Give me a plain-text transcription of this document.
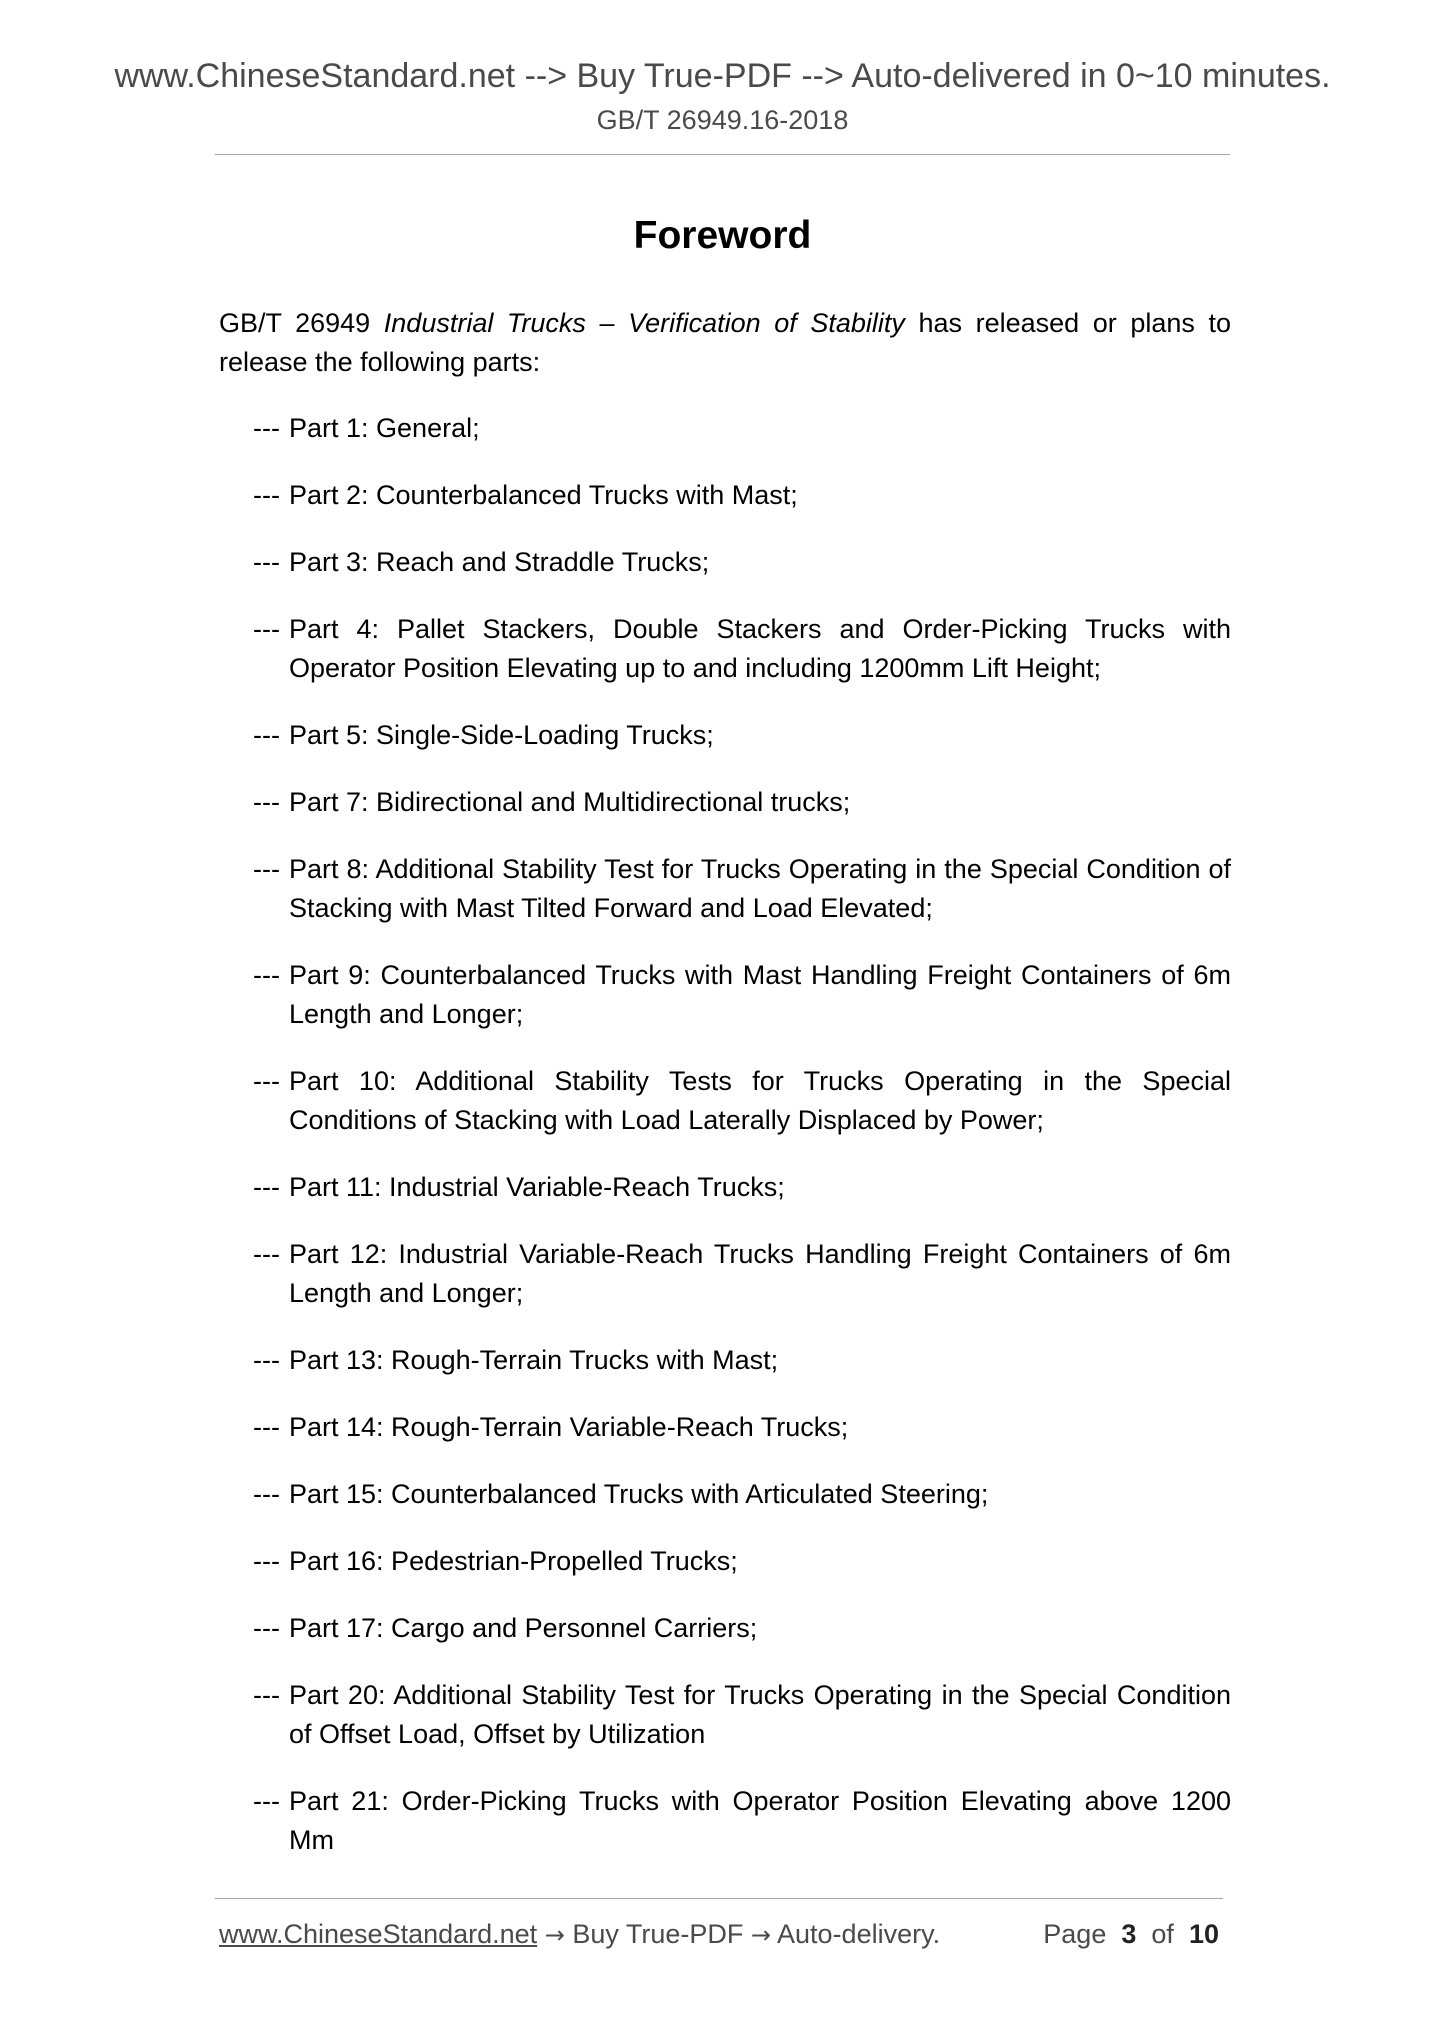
www.ChineseStandard.net --> Buy True-PDF --> Auto-delivered in 0~10 minutes.
GB/T 26949.16-2018
Foreword

GB/T 26949 Industrial Trucks – Verification of Stability has released or plans to release the following parts:

--- Part 1: General;

--- Part 2: Counterbalanced Trucks with Mast;

--- Part 3: Reach and Straddle Trucks;

--- Part 4: Pallet Stackers, Double Stackers and Order-Picking Trucks with Operator Position Elevating up to and including 1200mm Lift Height;

--- Part 5: Single-Side-Loading Trucks;

--- Part 7: Bidirectional and Multidirectional trucks;

--- Part 8: Additional Stability Test for Trucks Operating in the Special Condition of Stacking with Mast Tilted Forward and Load Elevated;

--- Part 9: Counterbalanced Trucks with Mast Handling Freight Containers of 6m Length and Longer;

--- Part 10: Additional Stability Tests for Trucks Operating in the Special Conditions of Stacking with Load Laterally Displaced by Power;

--- Part 11: Industrial Variable-Reach Trucks;

--- Part 12: Industrial Variable-Reach Trucks Handling Freight Containers of 6m Length and Longer;

--- Part 13: Rough-Terrain Trucks with Mast;

--- Part 14: Rough-Terrain Variable-Reach Trucks;

--- Part 15: Counterbalanced Trucks with Articulated Steering;

--- Part 16: Pedestrian-Propelled Trucks;

--- Part 17: Cargo and Personnel Carriers;

--- Part 20: Additional Stability Test for Trucks Operating in the Special Condition of Offset Load, Offset by Utilization

--- Part 21: Order-Picking Trucks with Operator Position Elevating above 1200 Mm

www.ChineseStandard.net → Buy True-PDF → Auto-delivery.	Page 3 of 10
